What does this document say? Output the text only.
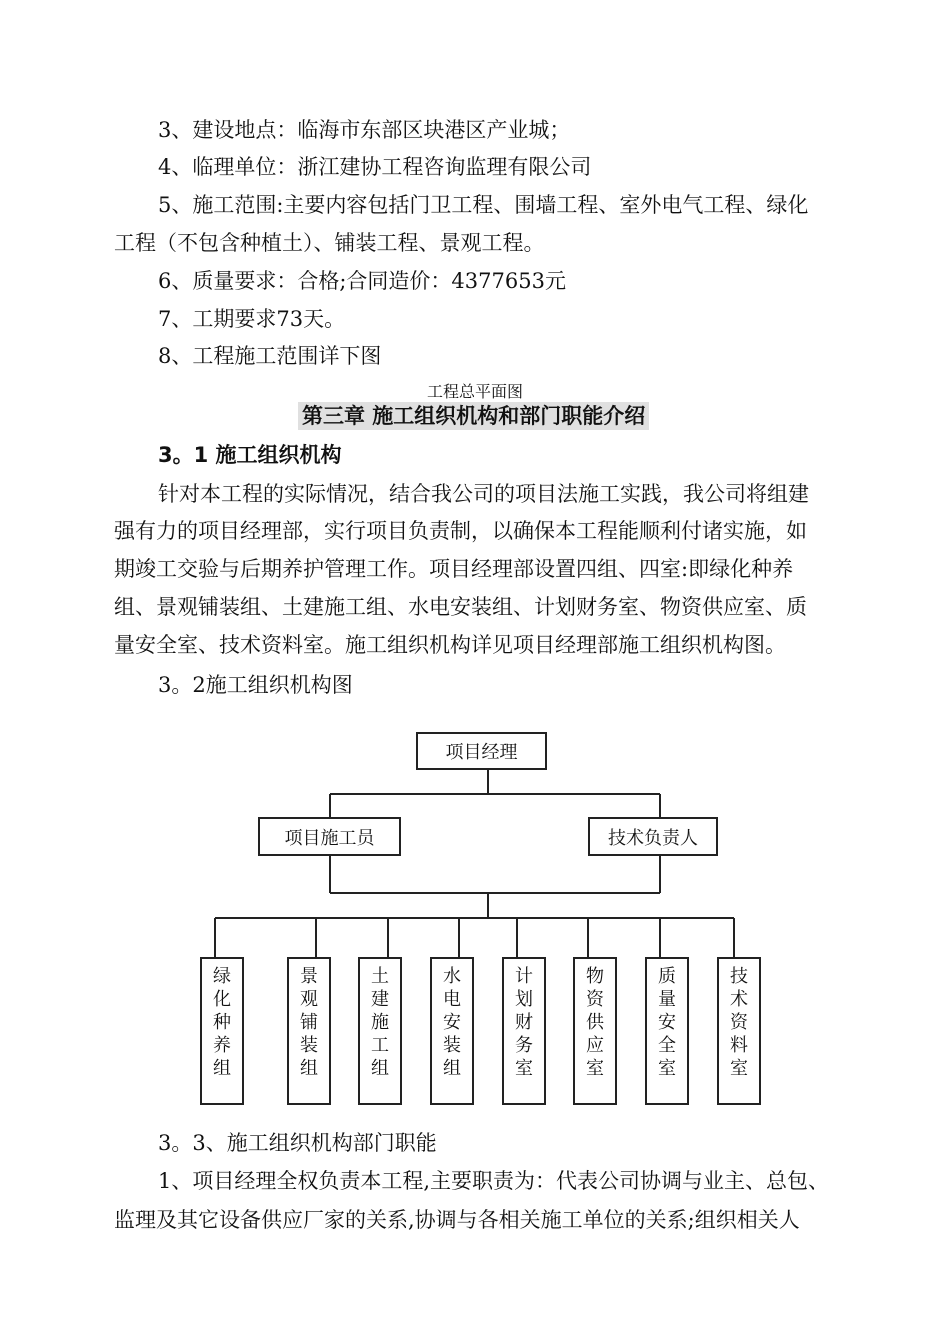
3、建设地点：临海市东部区块港区产业城；
4、临理单位：浙江建协工程咨询监理有限公司
5、施工范围:主要内容包括门卫工程、围墙工程、室外电气工程、绿化
工程（不包含种植土）、铺装工程、景观工程。
6、质量要求：合格;合同造价：4377653元
7、工期要求73天。
8、工程施工范围详下图
工程总平面图
第三章 施工组织机构和部门职能介绍
3。1 施工组织机构
针对本工程的实际情况，结合我公司的项目法施工实践，我公司将组建
强有力的项目经理部，实行项目负责制，以确保本工程能顺利付诸实施，如
期竣工交验与后期养护管理工作。项目经理部设置四组、四室:即绿化种养
组、景观铺装组、土建施工组、水电安装组、计划财务室、物资供应室、质
量安全室、技术资料室。施工组织机构详见项目经理部施工组织机构图。
3。2施工组织机构图
项目经理
项目施工员	技术负责人
绿
化
种
养
组
景
观
铺
装
组
土
建
施
工
组
水
电
安
装
组
计
划
财
务
室
物
资
供
应
室
质
量
安
全
室
技
术
资
料
室
3。3、施工组织机构部门职能
1、项目经理全权负责本工程,主要职责为：代表公司协调与业主、总包、
监理及其它设备供应厂家的关系,协调与各相关施工单位的关系;组织相关人
